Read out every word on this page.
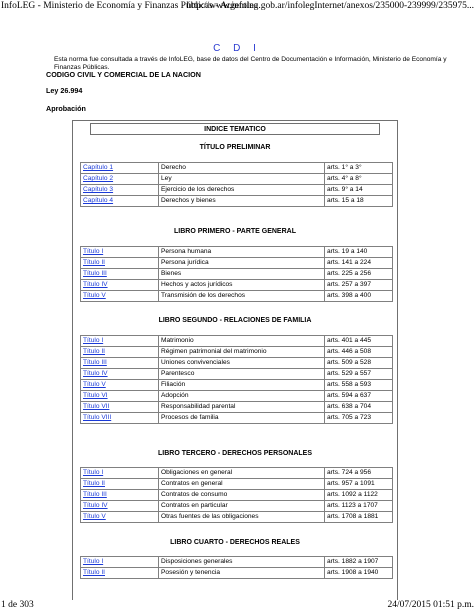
InfoLEG - Ministerio de Economía y Finanzas Públicas - Argentina
http://www.infoleg.gob.ar/infolegInternet/anexos/235000-239999/235975...
C D I
Esta norma fue consultada a través de InfoLEG, base de datos del Centro de Documentación e Información, Ministerio de Economía y Finanzas Públicas.
CODIGO CIVIL Y COMERCIAL DE LA NACION
Ley 26.994
Aprobación
INDICE TEMATICO
TÍTULO PRELIMINAR
Capítulo 1	Derecho	arts. 1° a 3°
Capítulo 2	Ley	arts. 4° a 8°
Capítulo 3	Ejercicio de los derechos	arts. 9° a 14
Capítulo 4	Derechos y bienes	arts. 15 a 18
LIBRO PRIMERO - PARTE GENERAL
Título I	Persona humana	arts. 19 a 140
Título II	Persona jurídica	arts. 141 a 224
Título III	Bienes	arts. 225 a 256
Título IV	Hechos y actos jurídicos	arts. 257 a 397
Título V	Transmisión de los derechos	arts. 398 a 400
LIBRO SEGUNDO - RELACIONES DE FAMILIA
Título I	Matrimonio	arts. 401 a 445
Título II	Régimen patrimonial del matrimonio	arts. 446 a 508
Título III	Uniones convivenciales	arts. 509 a 528
Título IV	Parentesco	arts. 529 a 557
Título V	Filiación	arts. 558 a 593
Título VI	Adopción	arts. 594 a 637
Título VII	Responsabilidad parental	arts. 638 a 704
Título VIII	Procesos de familia	arts. 705 a 723
LIBRO TERCERO - DERECHOS PERSONALES
Título I	Obligaciones en general	arts. 724 a 956
Título II	Contratos en general	arts. 957 a 1091
Título III	Contratos de consumo	arts. 1092 a 1122
Título IV	Contratos en particular	arts. 1123 a 1707
Título V	Otras fuentes de las obligaciones	arts. 1708 a 1881
LIBRO CUARTO - DERECHOS REALES
Título I	Disposiciones generales	arts. 1882 a 1907
Título II	Posesión y tenencia	arts. 1908 a 1940
1 de 303	24/07/2015 01:51 p.m.
